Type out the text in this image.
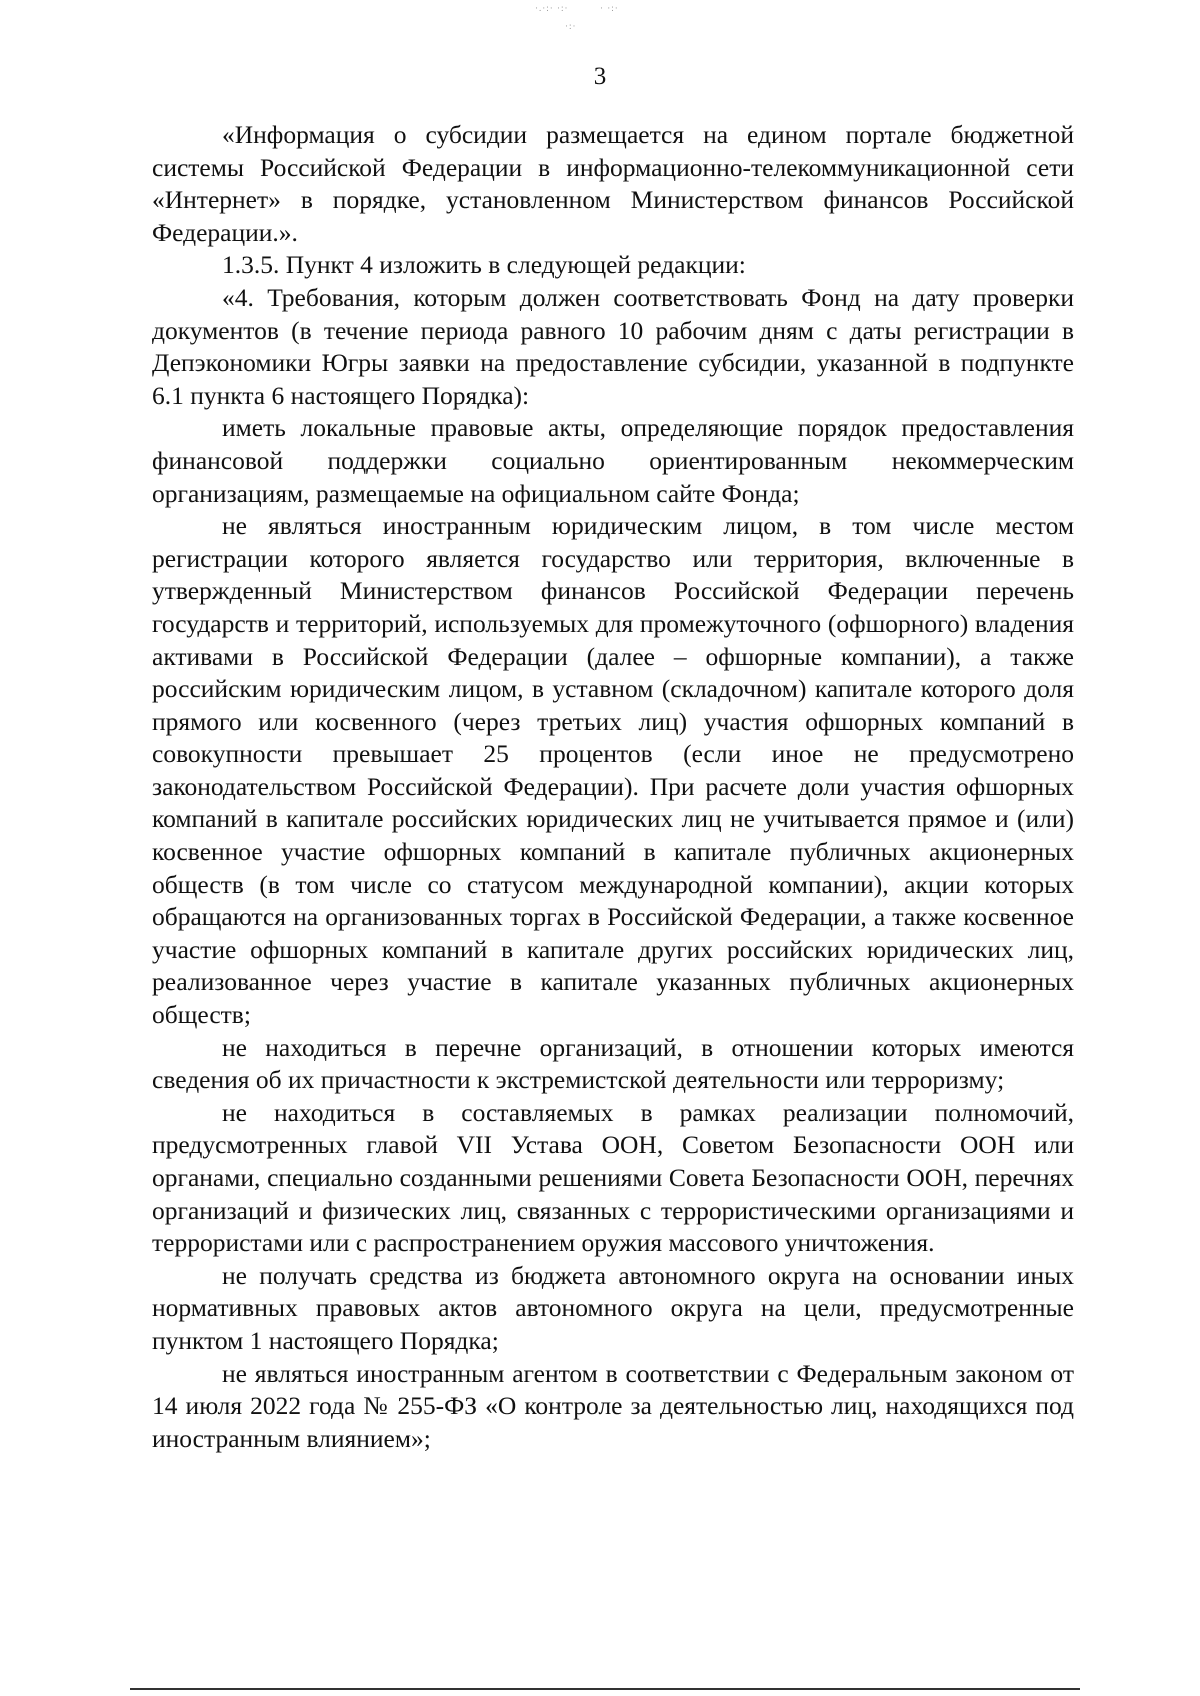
·.·:· ·:·	· ·:·
·:·
3

«Информация о субсидии размещается на едином портале бюджетной системы Российской Федерации в информационно-телекоммуникационной сети «Интернет» в порядке, установленном Министерством финансов Российской Федерации.».

1.3.5. Пункт 4 изложить в следующей редакции:

«4. Требования, которым должен соответствовать Фонд на дату проверки документов (в течение периода равного 10 рабочим дням с даты регистрации в Депэкономики Югры заявки на предоставление субсидии, указанной в подпункте 6.1 пункта 6 настоящего Порядка):

иметь локальные правовые акты, определяющие порядок предоставления финансовой поддержки социально ориентированным некоммерческим организациям, размещаемые на официальном сайте Фонда;

не являться иностранным юридическим лицом, в том числе местом регистрации которого является государство или территория, включенные в утвержденный Министерством финансов Российской Федерации перечень государств и территорий, используемых для промежуточного (офшорного) владения активами в Российской Федерации (далее – офшорные компании), а также российским юридическим лицом, в уставном (складочном) капитале которого доля прямого или косвенного (через третьих лиц) участия офшорных компаний в совокупности превышает 25 процентов (если иное не предусмотрено законодательством Российской Федерации). При расчете доли участия офшорных компаний в капитале российских юридических лиц не учитывается прямое и (или) косвенное участие офшорных компаний в капитале публичных акционерных обществ (в том числе со статусом международной компании), акции которых обращаются на организованных торгах в Российской Федерации, а также косвенное участие офшорных компаний в капитале других российских юридических лиц, реализованное через участие в капитале указанных публичных акционерных обществ;

не находиться в перечне организаций, в отношении которых имеются сведения об их причастности к экстремистской деятельности или терроризму;

не находиться в составляемых в рамках реализации полномочий, предусмотренных главой VII Устава ООН, Советом Безопасности ООН или органами, специально созданными решениями Совета Безопасности ООН, перечнях организаций и физических лиц, связанных с террористическими организациями и террористами или с распространением оружия массового уничтожения.

не получать средства из бюджета автономного округа на основании иных нормативных правовых актов автономного округа на цели, предусмотренные пунктом 1 настоящего Порядка;

не являться иностранным агентом в соответствии с Федеральным законом от 14 июля 2022 года № 255-ФЗ «О контроле за деятельностью лиц, находящихся под иностранным влиянием»;
